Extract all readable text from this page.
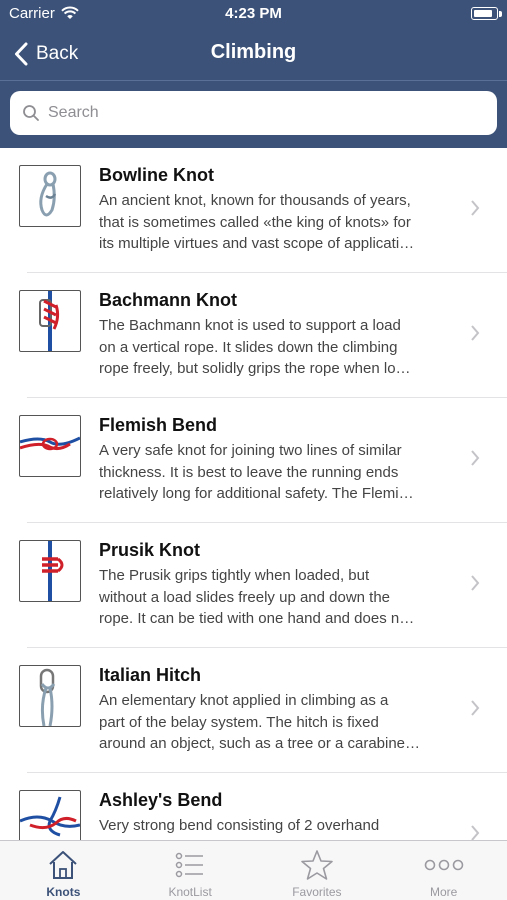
Carrier	4:23 PM
Back	Climbing
Search
Bowline Knot
An ancient knot, known for thousands of years,
that is sometimes called «the king of knots» for
its multiple virtues and vast scope of applicati…
Bachmann Knot
The Bachmann knot is used to support a load
on a vertical rope. It slides down the climbing
rope freely, but solidly grips the rope when lo…
Flemish Bend
A very safe knot for joining two lines of similar
thickness. It is best to leave the running ends
relatively long for additional safety. The Flemi…
Prusik Knot
The Prusik grips tightly when loaded, but
without a load slides freely up and down the
rope. It can be tied with one hand and does n…
Italian Hitch
An elementary knot applied in climbing as a
part of the belay system. The hitch is fixed
around an object, such as a tree or a carabine…
Ashley's Bend
Very strong bend consisting of 2 overhand
Knots	KnotList	Favorites	More
